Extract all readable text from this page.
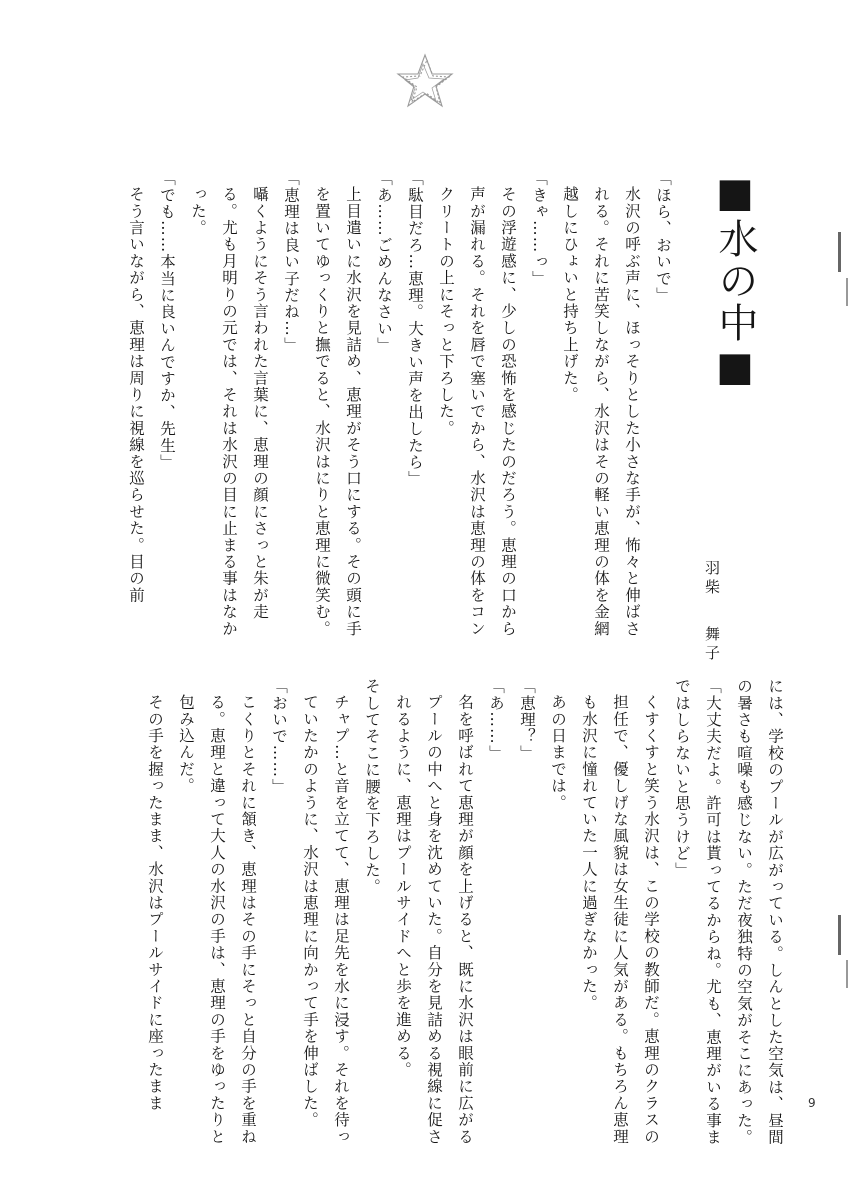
■水の中■
羽柴舞子

「ほら、おいで」

水沢の呼ぶ声に、ほっそりとした小さな手が、怖々と伸ばされる。それに苦笑しながら、水沢はその軽い恵理の体を金網越しにひょいと持ち上げた。

「きゃ……っ」

その浮遊感に、少しの恐怖を感じたのだろう。恵理の口から声が漏れる。それを唇で塞いでから、水沢は恵理の体をコンクリートの上にそっと下ろした。

「駄目だろ…恵理。大きい声を出したら」

「あ……ごめんなさい」

上目遣いに水沢を見詰め、恵理がそう口にする。その頭に手を置いてゆっくりと撫でると、水沢はにりと恵理に微笑む。

「恵理は良い子だね…」

囁くようにそう言われた言葉に、恵理の顔にさっと朱が走る。尤も月明りの元では、それは水沢の目に止まる事はなかった。

「でも……本当に良いんですか、先生」

そう言いながら、恵理は周りに視線を巡らせた。目の前

には、学校のプールが広がっている。しんとした空気は、昼間の暑さも喧噪も感じない。ただ夜独特の空気がそこにあった。

「大丈夫だよ。許可は貰ってるからね。尤も、恵理がいる事まではしらないと思うけど」

くすくすと笑う水沢は、この学校の教師だ。恵理のクラスの担任で、優しげな風貌は女生徒に人気がある。もちろん恵理も水沢に憧れていた一人に過ぎなかった。

あの日までは。

「恵理？」

「あ……」

名を呼ばれて恵理が顔を上げると、既に水沢は眼前に広がるプールの中へと身を沈めていた。自分を見詰める視線に促されるように、恵理はプールサイドへと歩を進める。

そしてそこに腰を下ろした。

チャプ…と音を立てて、恵理は足先を水に浸す。それを待っていたかのように、水沢は恵理に向かって手を伸ばした。

「おいで……」

こくりとそれに頷き、恵理はその手にそっと自分の手を重ねる。恵理と違って大人の水沢の手は、恵理の手をゆったりと包み込んだ。

その手を握ったまま、水沢はプールサイドに座ったまま	9
